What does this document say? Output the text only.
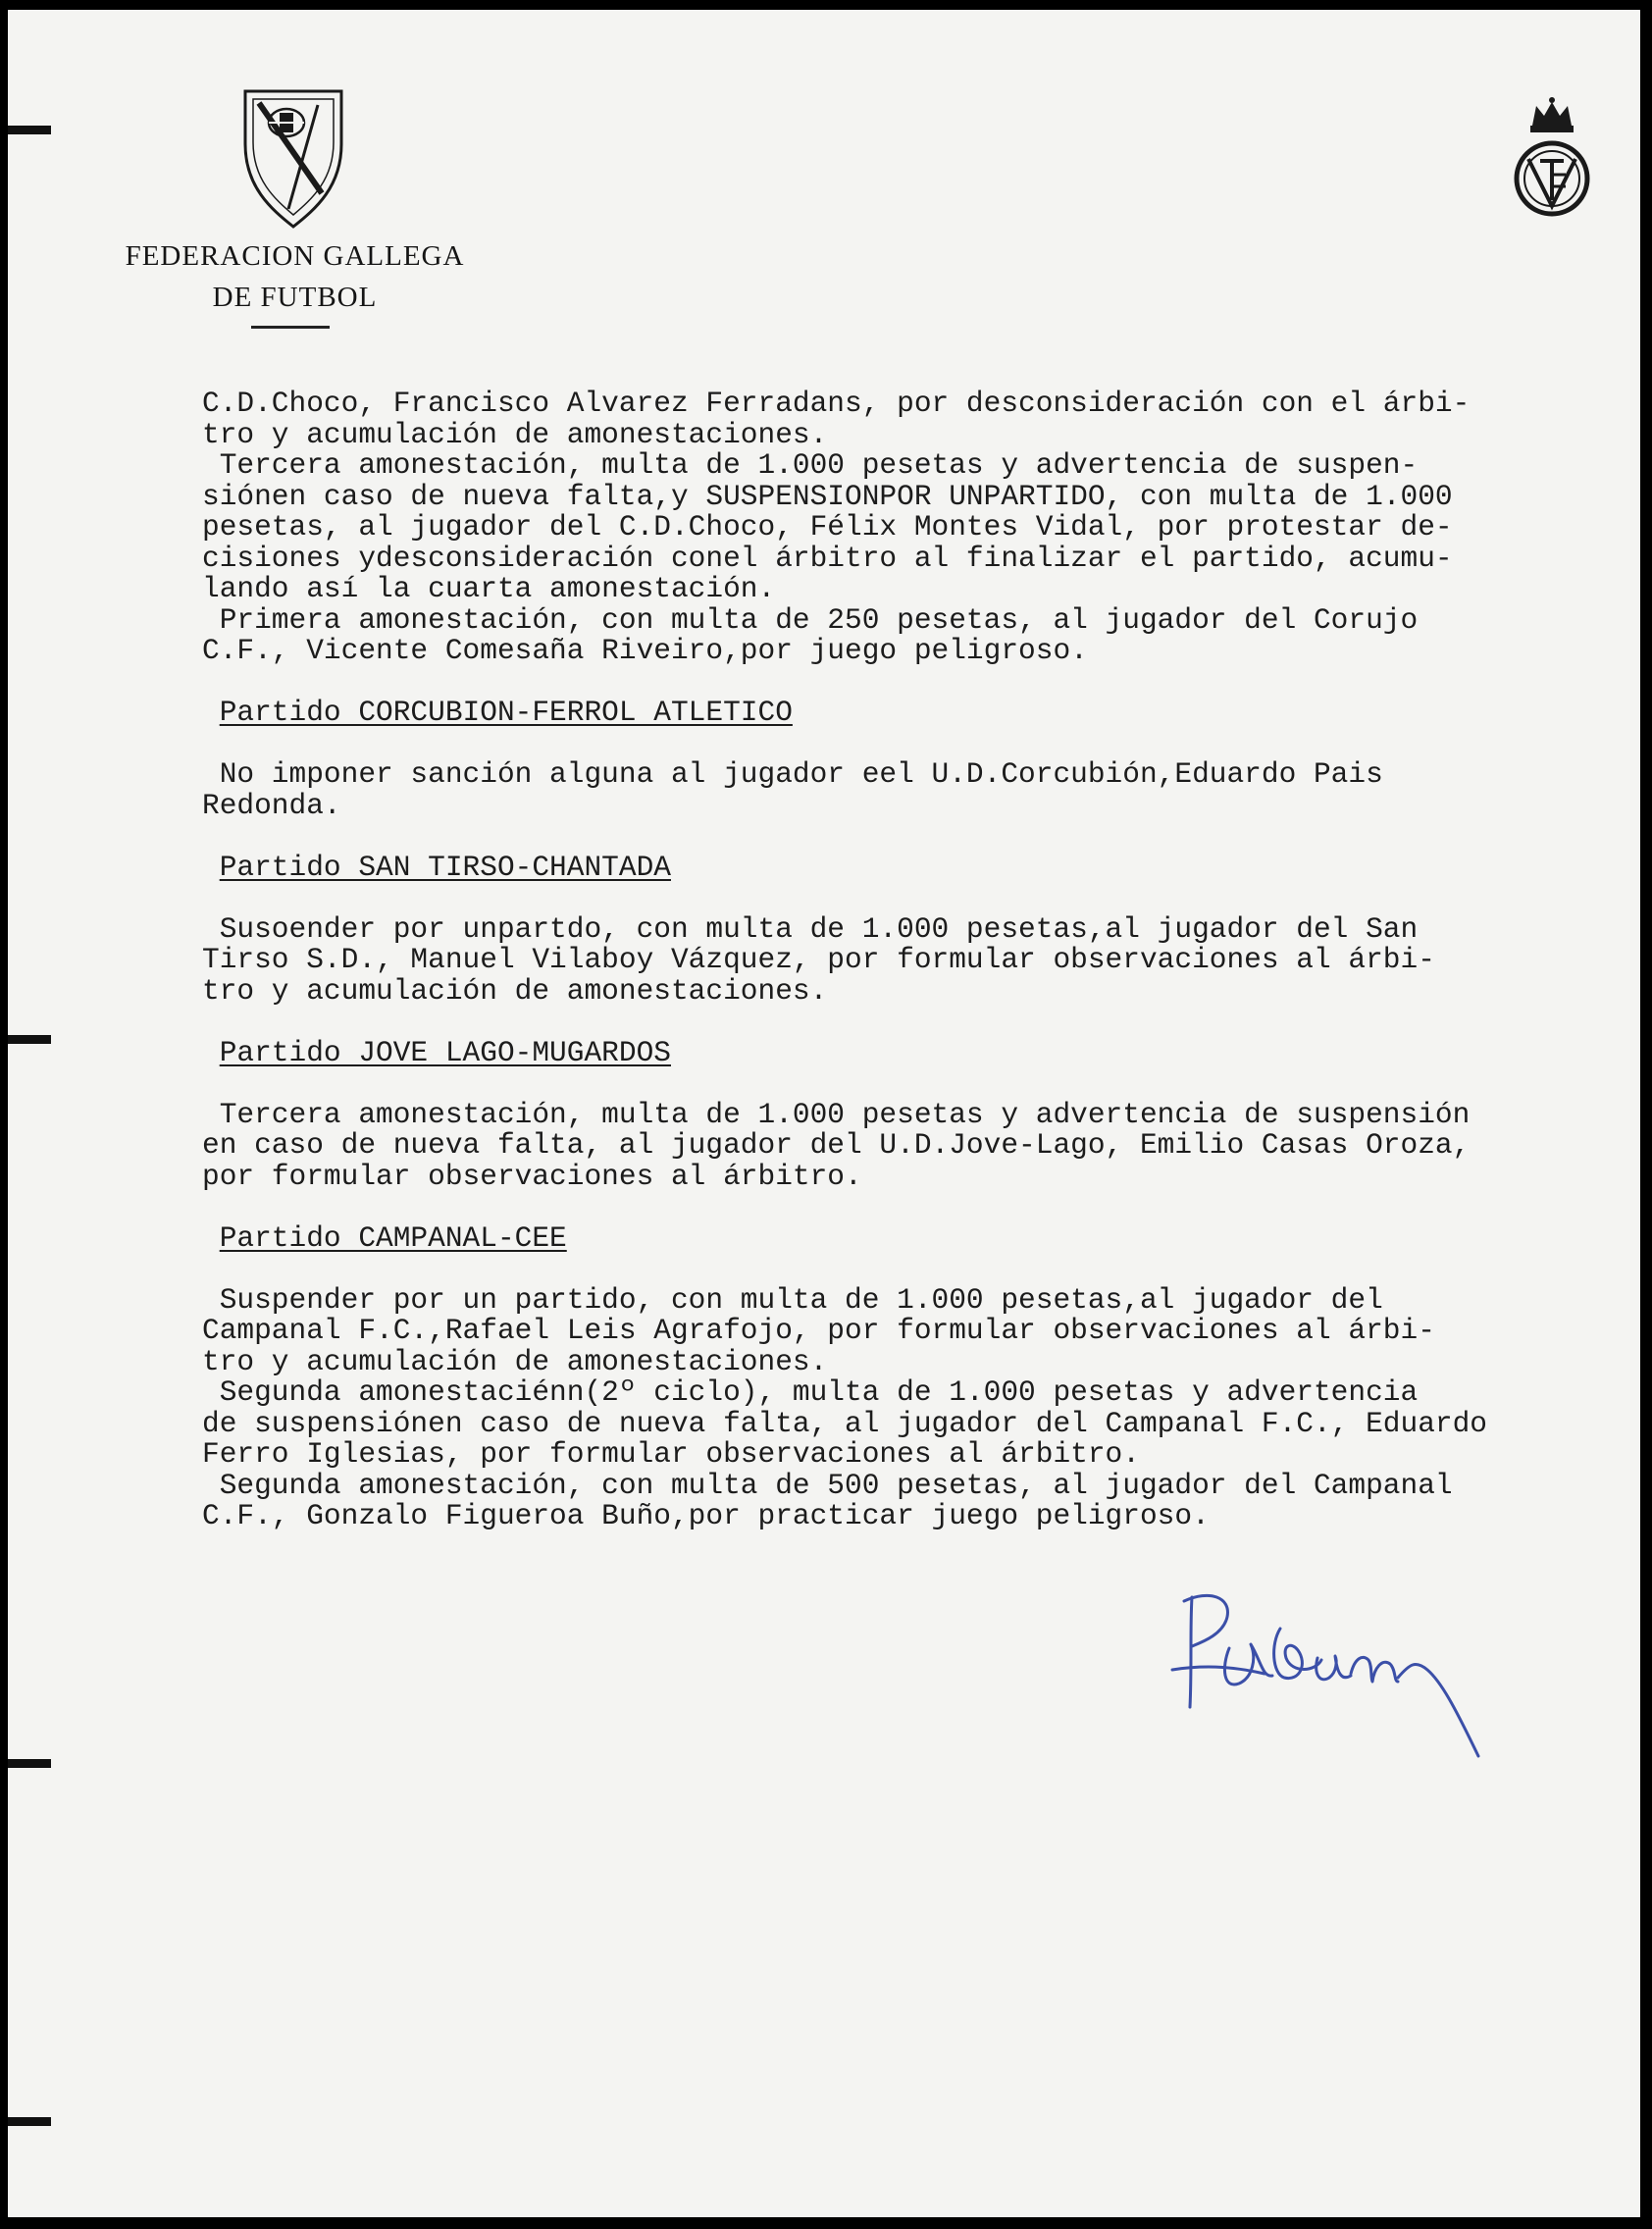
FEDERACION GALLEGA
DE FUTBOL
C.D.Choco, Francisco Alvarez Ferradans, por desconsideración con el árbi-
tro y acumulación de amonestaciones.
Tercera amonestación, multa de 1.000 pesetas y advertencia de suspen-
siónen caso de nueva falta,y SUSPENSIONPOR UNPARTIDO, con multa de 1.000
pesetas, al jugador del C.D.Choco, Félix Montes Vidal, por protestar de-
cisiones ydesconsideración conel árbitro al finalizar el partido, acumu-
lando así la cuarta amonestación.
Primera amonestación, con multa de 250 pesetas, al jugador del Corujo
C.F., Vicente Comesaña Riveiro,por juego peligroso.
Partido CORCUBION-FERROL ATLETICO
No imponer sanción alguna al jugador eel U.D.Corcubión,Eduardo Pais
Redonda.
Partido SAN TIRSO-CHANTADA
Susoender por unpartdo, con multa de 1.000 pesetas,al jugador del San
Tirso S.D., Manuel Vilaboy Vázquez, por formular observaciones al árbi-
tro y acumulación de amonestaciones.
Partido JOVE LAGO-MUGARDOS
Tercera amonestación, multa de 1.000 pesetas y advertencia de suspensión
en caso de nueva falta, al jugador del U.D.Jove-Lago, Emilio Casas Oroza,
por formular observaciones al árbitro.
Partido CAMPANAL-CEE
Suspender por un partido, con multa de 1.000 pesetas,al jugador del
Campanal F.C.,Rafael Leis Agrafojo, por formular observaciones al árbi-
tro y acumulación de amonestaciones.
Segunda amonestaciénn(2º ciclo), multa de 1.000 pesetas y advertencia
de suspensiónen caso de nueva falta, al jugador del Campanal F.C., Eduardo
Ferro Iglesias, por formular observaciones al árbitro.
Segunda amonestación, con multa de 500 pesetas, al jugador del Campanal
C.F., Gonzalo Figueroa Buño,por practicar juego peligroso.
